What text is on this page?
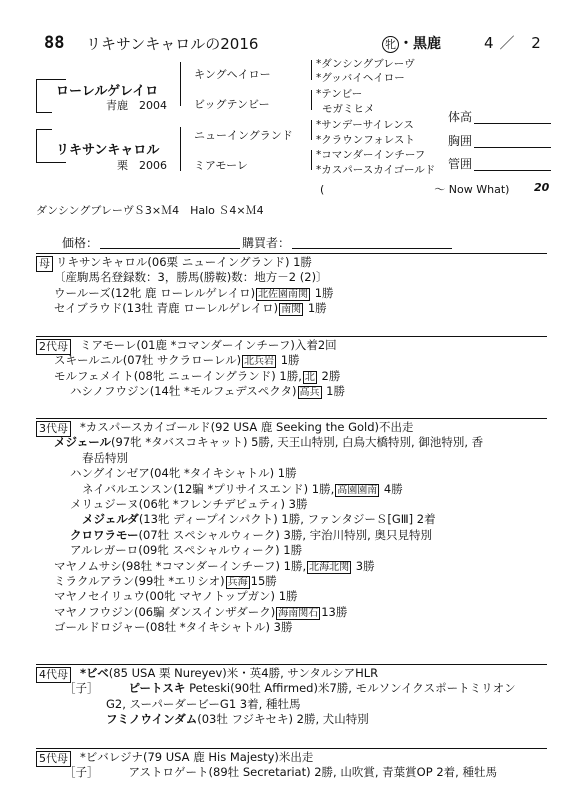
88 リキサンキャロルの2016	牝 ・黒鹿	4／ 2
ローレルゲレイロ
青鹿　2004
リキサンキャロル
栗　2006
キングヘイロー
ビッグテンビー
ニューイングランド
ミアモーレ
*ダンシングブレーヴ
*グッバイヘイロー
*テンビー
モガミヒメ
*サンデーサイレンス
*クラウンフォレスト
*コマンダーインチーフ
*カスパースカイゴールド
体高
胸囲
管囲
(　　　　　　　　　　～ Now What) 20
ダンシングブレーヴＳ3×Ｍ4　Halo Ｓ4×Ｍ4
価格：	購買者：
母 リキサンキャロル(06栗 ニューイングランド) 1勝
〔産駒馬名登録数：3，勝馬(勝鞍)数：地方－2 (2)〕
ウールーズ(12牝 鹿 ローレルゲレイロ) 北佐園南関 1勝
セイブラウド(13牡 青鹿 ローレルゲレイロ) 南関 1勝
2代母 ミアモーレ(01鹿 *コマンダーインチーフ)入着2回
スキールニル(07牡 サクラローレル) 北兵岩 1勝
モルフェメイト(08牝 ニューイングランド) 1勝, 北 2勝
ハシノフウジン(14牡 *モルフェデスペクタ) 高兵 1勝
3代母 *カスパースカイゴールド(92 USA 鹿 Seeking the Gold)不出走
メジェール(97牝 *タバスコキャット) 5勝, 天王山特別, 白鳥大橋特別, 御池特別, 香
春岳特別
ハングインゼア(04牝 *タイキシャトル) 1勝
ネイバルエンスン(12騙 *プリサイスエンド) 1勝, 高園園南 4勝
メリュジーヌ(06牝 *フレンチデピュティ) 3勝
メジェルダ(13牝 ディープインパクト) 1勝, ファンタジーＳ[GⅢ] 2着
クロワラモー(07牡 スペシャルウィーク) 3勝, 宇治川特別, 奥只見特別
アルレガーロ(09牝 スペシャルウィーク) 1勝
マヤノムサシ(98牡 *コマンダーインチーフ) 1勝, 北海北関 3勝
ミラクルアラン(99牡 *エリシオ) 兵海 15勝
マヤノセイリュウ(00牝 マヤノトップガン) 1勝
マヤノフウジン(06騙 ダンスインザダーク) 海南関石 13勝
ゴールドロジャー(08牡 *タイキシャトル) 3勝
4代母 *ビベ(85 USA 栗 Nureyev)米・英4勝, サンタルシアHLR
［子］	ピートスキ Peteski(90牡 Affirmed)米7勝, モルソンイクスポートミリオン
G2, スーパーダービーG1 3着, 種牡馬
フミノウインダム(03牡 フジキセキ) 2勝, 犬山特別
5代母 *ビバレジナ(79 USA 鹿 His Majesty)米出走
［子］	アストロゲート(89牡 Secretariat) 2勝, 山吹賞, 青葉賞OP 2着, 種牡馬
